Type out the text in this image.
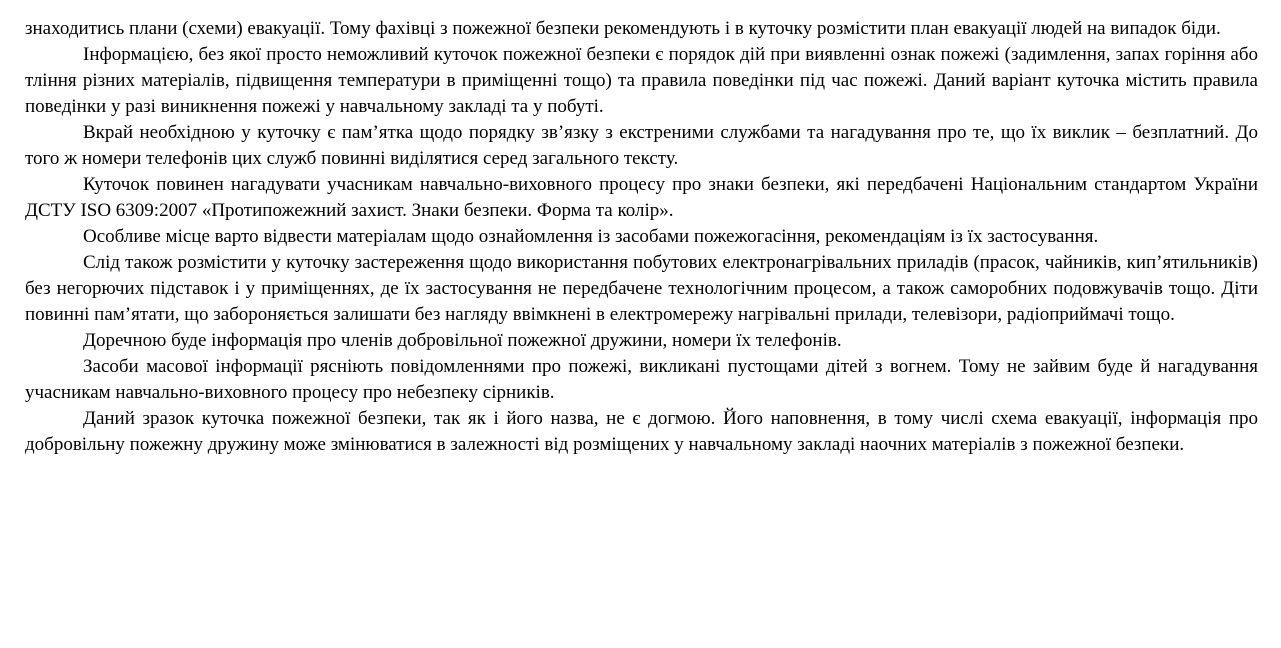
знаходитись плани (схеми) евакуації. Тому фахівці з пожежної безпеки рекомендують і в куточку розмістити план евакуації людей на випадок біди.

Інформацією, без якої просто неможливий куточок пожежної безпеки є порядок дій при виявленні ознак пожежі (задимлення, запах горіння або тління різних матеріалів, підвищення температури в приміщенні тощо) та правила поведінки під час пожежі. Даний варіант куточка містить правила поведінки у разі виникнення пожежі у навчальному закладі та у побуті.

Вкрай необхідною у куточку є пам’ятка щодо порядку зв’язку з екстреними службами та нагадування про те, що їх виклик – безплатний. До того ж номери телефонів цих служб повинні виділятися серед загального тексту.

Куточок повинен нагадувати учасникам навчально-виховного процесу про знаки безпеки, які передбачені Національним стандартом України ДСТУ ISO 6309:2007 «Протипожежний захист. Знаки безпеки. Форма та колір».

Особливе місце варто відвести матеріалам щодо ознайомлення із засобами пожежогасіння, рекомендаціям із їх застосування.

Слід також розмістити у куточку застереження щодо використання побутових електронагрівальних приладів (прасок, чайників, кип’ятильників) без негорючих підставок і у приміщеннях, де їх застосування не передбачене технологічним процесом, а також саморобних подовжувачів тощо. Діти повинні пам’ятати, що забороняється залишати без нагляду ввімкнені в електромережу нагрівальні прилади, телевізори, радіоприймачі тощо.

Доречною буде інформація про членів добровільної пожежної дружини, номери їх телефонів.

Засоби масової інформації рясніють повідомленнями про пожежі, викликані пустощами дітей з вогнем. Тому не зайвим буде й нагадування учасникам навчально-виховного процесу про небезпеку сірників.

Даний зразок куточка пожежної безпеки, так як і його назва, не є догмою. Його наповнення, в тому числі схема евакуації, інформація про добровільну пожежну дружину може змінюватися в залежності від розміщених у навчальному закладі наочних матеріалів з пожежної безпеки.
